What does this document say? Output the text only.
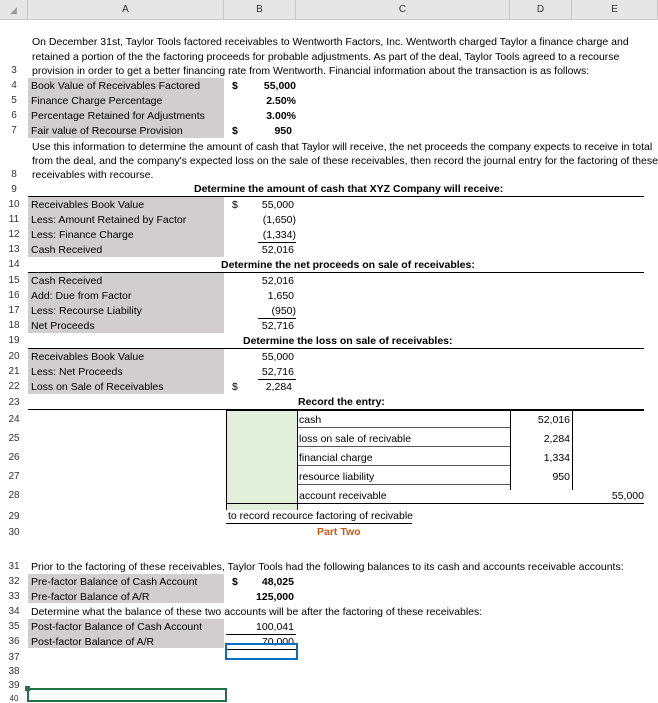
◢	A	B	C	D	E
On December 31st, Taylor Tools factored receivables to Wentworth Factors, Inc. Wentworth charged Taylor a finance charge and
retained a portion of the the factoring proceeds for probable adjustments. As part of the deal, Taylor Tools agreed to a recourse
provision in order to get a better financing rate from Wentworth. Financial information about the transaction is as follows:
3
4	Book Value of Receivables Factored	$	55,000
5	Finance Charge Percentage	2.50%
6	Percentage Retained for Adjustments	3.00%
7	Fair value of Recourse Provision	$	950
Use this information to determine the amount of cash that Taylor will receive, the net proceeds the company expects to receive in total
from the deal, and the company's expected loss on the sale of these receivables, then record the journal entry for the factoring of these
receivables with recourse.
8
9	Determine the amount of cash that XYZ Company will receive:
10	Receivables Book Value	$	55,000
11	Less: Amount Retained by Factor	(1,650)
12	Less: Finance Charge	(1,334)
13	Cash Received	52,016
14	Determine the net proceeds on sale of receivables:
15	Cash Received	52,016
16	Add: Due from Factor	1,650
17	Less: Recourse Liability	(950)
18	Net Proceeds	52,716
19	Determine the loss on sale of receivables:
20	Receivables Book Value	55,000
21	Less: Net Proceeds	52,716
22	Loss on Sale of Receivables	$	2,284
23	Record the entry:
24	cash	52,016
25	loss on sale of recivable	2,284
26	financial charge	1,334
27	resource liability	950
28	account receivable	55,000
29	to record recource factoring of recivable
30	Part Two
31	Prior to the factoring of these receivables, Taylor Tools had the following balances to its cash and accounts receivable accounts:
32	Pre-factor Balance of Cash Account	$	48,025
33	Pre-factor Balance of A/R	125,000
34	Determine what the balance of these two accounts will be after the factoring of these receivables:
35	Post-factor Balance of Cash Account	100,041
36	Post-factor Balance of A/R	70,000
37
38
39
40
